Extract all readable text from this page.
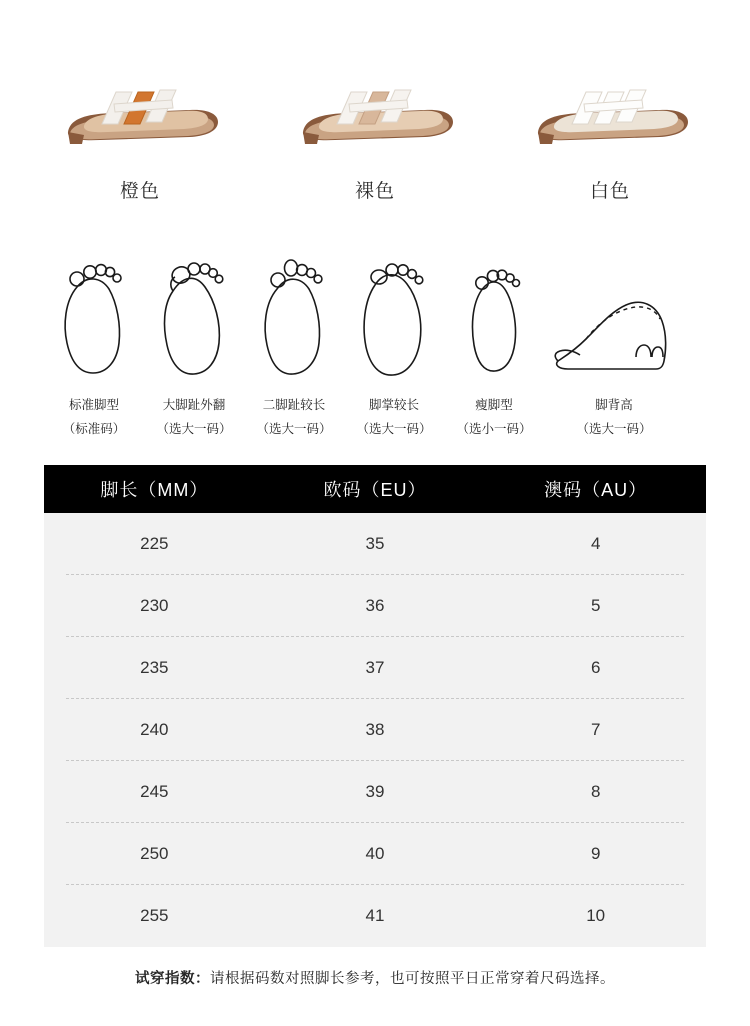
橙色	裸色	白色
标准脚型
（标准码）
大脚趾外翻
（选大一码）
二脚趾较长
（选大一码）
脚掌较长
（选大一码）
瘦脚型
（选小一码）
脚背高
（选大一码）
脚长（MM）	欧码（EU）	澳码（AU）
225	35	4
230	36	5
235	37	6
240	38	7
245	39	8
250	40	9
255	41	10
试穿指数：请根据码数对照脚长参考，也可按照平日正常穿着尺码选择。
